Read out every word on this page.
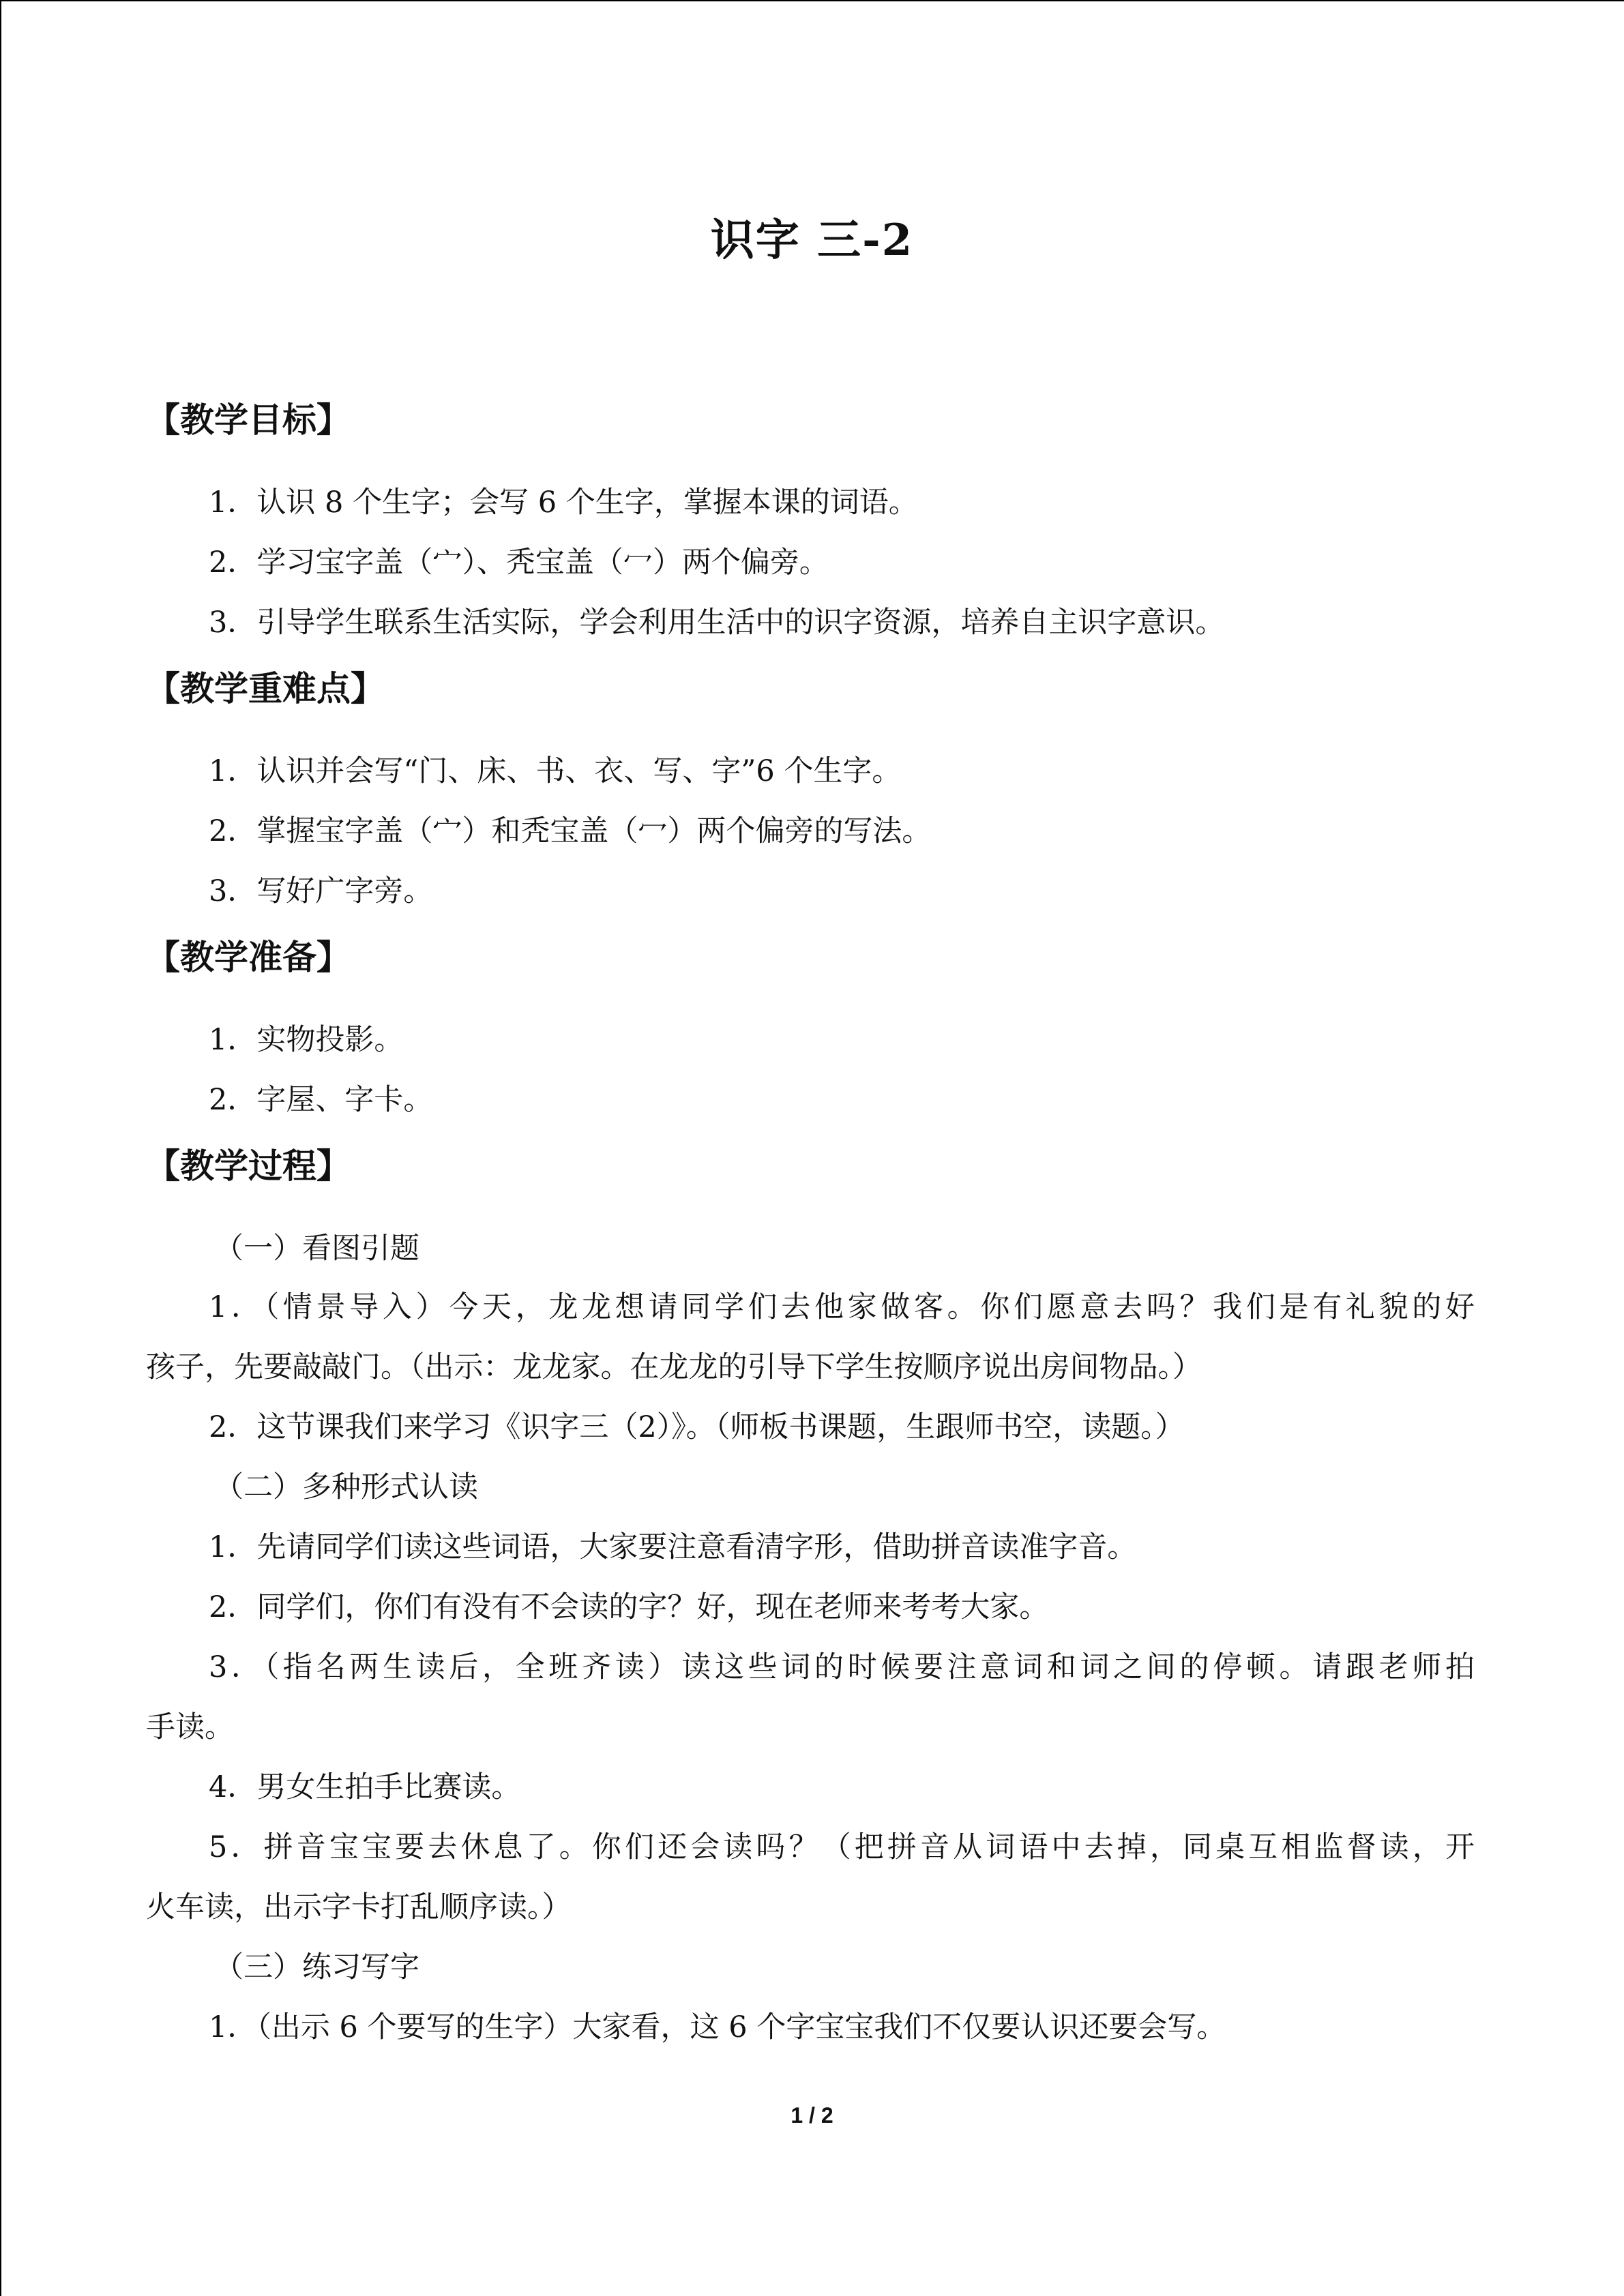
识字 三-2
【教学目标】
1．认识 8 个生字；会写 6 个生字，掌握本课的词语。
2．学习宝字盖（宀）、秃宝盖（冖）两个偏旁。
3．引导学生联系生活实际，学会利用生活中的识字资源，培养自主识字意识。
【教学重难点】
1．认识并会写“门、床、书、衣、写、字”6 个生字。
2．掌握宝字盖（宀）和秃宝盖（冖）两个偏旁的写法。
3．写好广字旁。
【教学准备】
1．实物投影。
2．字屋、字卡。
【教学过程】
（一）看图引题
1．（情景导入）今天，龙龙想请同学们去他家做客。你们愿意去吗？我们是有礼貌的好
孩子，先要敲敲门。（出示：龙龙家。在龙龙的引导下学生按顺序说出房间物品。）
2．这节课我们来学习《识字三（2）》。（师板书课题，生跟师书空，读题。）
（二）多种形式认读
1．先请同学们读这些词语，大家要注意看清字形，借助拼音读准字音。
2．同学们，你们有没有不会读的字？好，现在老师来考考大家。
3．（指名两生读后，全班齐读）读这些词的时候要注意词和词之间的停顿。请跟老师拍
手读。
4．男女生拍手比赛读。
5．拼音宝宝要去休息了。你们还会读吗？（把拼音从词语中去掉，同桌互相监督读，开
火车读，出示字卡打乱顺序读。）
（三）练习写字
1．（出示 6 个要写的生字）大家看，这 6 个字宝宝我们不仅要认识还要会写。
1 / 2
